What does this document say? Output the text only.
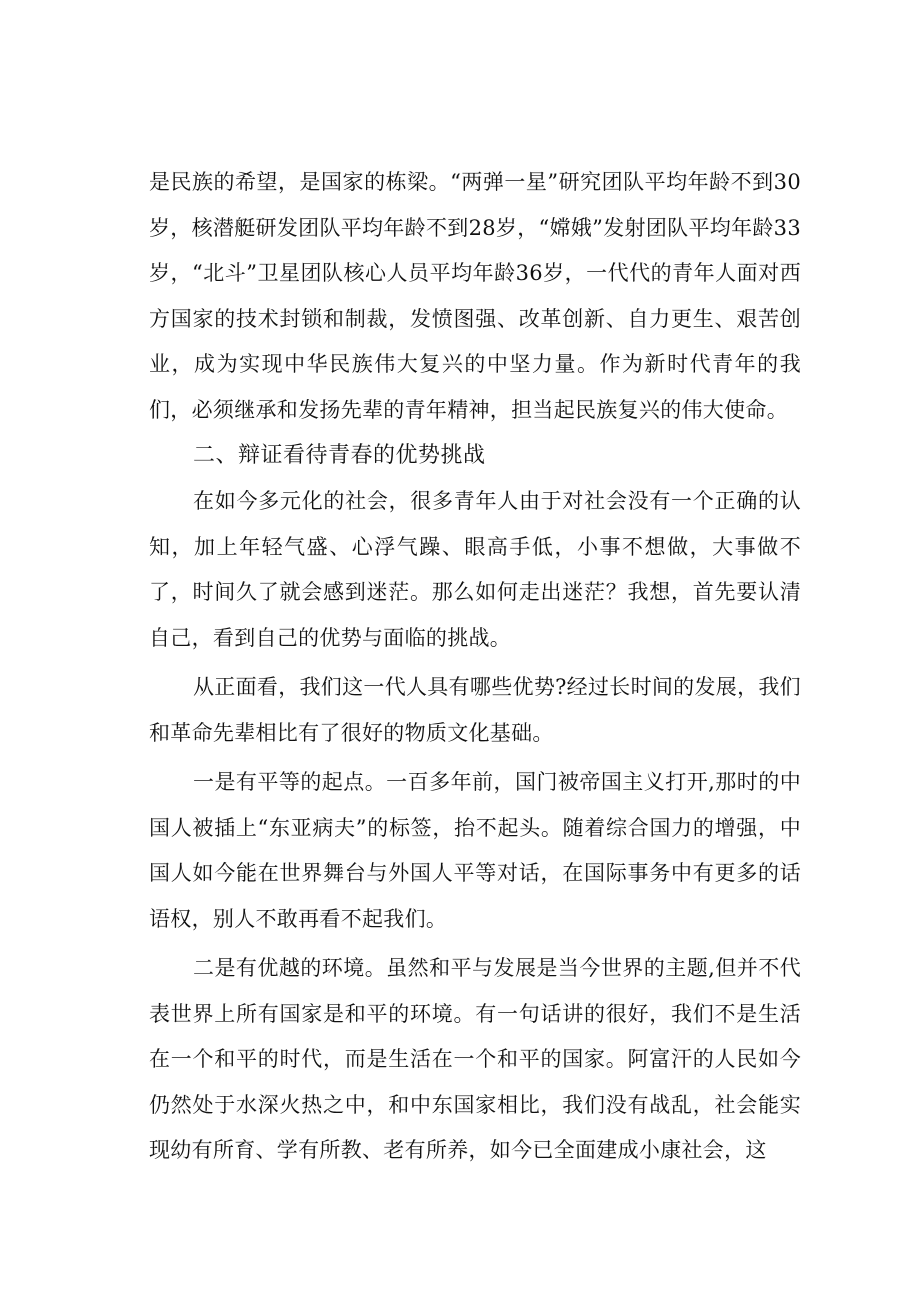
是民族的希望，是国家的栋梁。“两弹一星”研究团队平均年龄不到30岁，核潜艇研发团队平均年龄不到28岁，“嫦娥”发射团队平均年龄33岁，“北斗”卫星团队核心人员平均年龄36岁，一代代的青年人面对西方国家的技术封锁和制裁，发愤图强、改革创新、自力更生、艰苦创业，成为实现中华民族伟大复兴的中坚力量。作为新时代青年的我们，必须继承和发扬先辈的青年精神，担当起民族复兴的伟大使命。

二、辩证看待青春的优势挑战

在如今多元化的社会，很多青年人由于对社会没有一个正确的认知，加上年轻气盛、心浮气躁、眼高手低，小事不想做，大事做不了，时间久了就会感到迷茫。那么如何走出迷茫？我想，首先要认清自己，看到自己的优势与面临的挑战。

从正面看，我们这一代人具有哪些优势?经过长时间的发展，我们和革命先辈相比有了很好的物质文化基础。

一是有平等的起点。一百多年前，国门被帝国主义打开,那时的中国人被插上“东亚病夫”的标签，抬不起头。随着综合国力的增强，中国人如今能在世界舞台与外国人平等对话，在国际事务中有更多的话语权，别人不敢再看不起我们。

二是有优越的环境。虽然和平与发展是当今世界的主题,但并不代表世界上所有国家是和平的环境。有一句话讲的很好，我们不是生活在一个和平的时代，而是生活在一个和平的国家。阿富汗的人民如今仍然处于水深火热之中，和中东国家相比，我们没有战乱，社会能实现幼有所育、学有所教、老有所养，如今已全面建成小康社会，这
